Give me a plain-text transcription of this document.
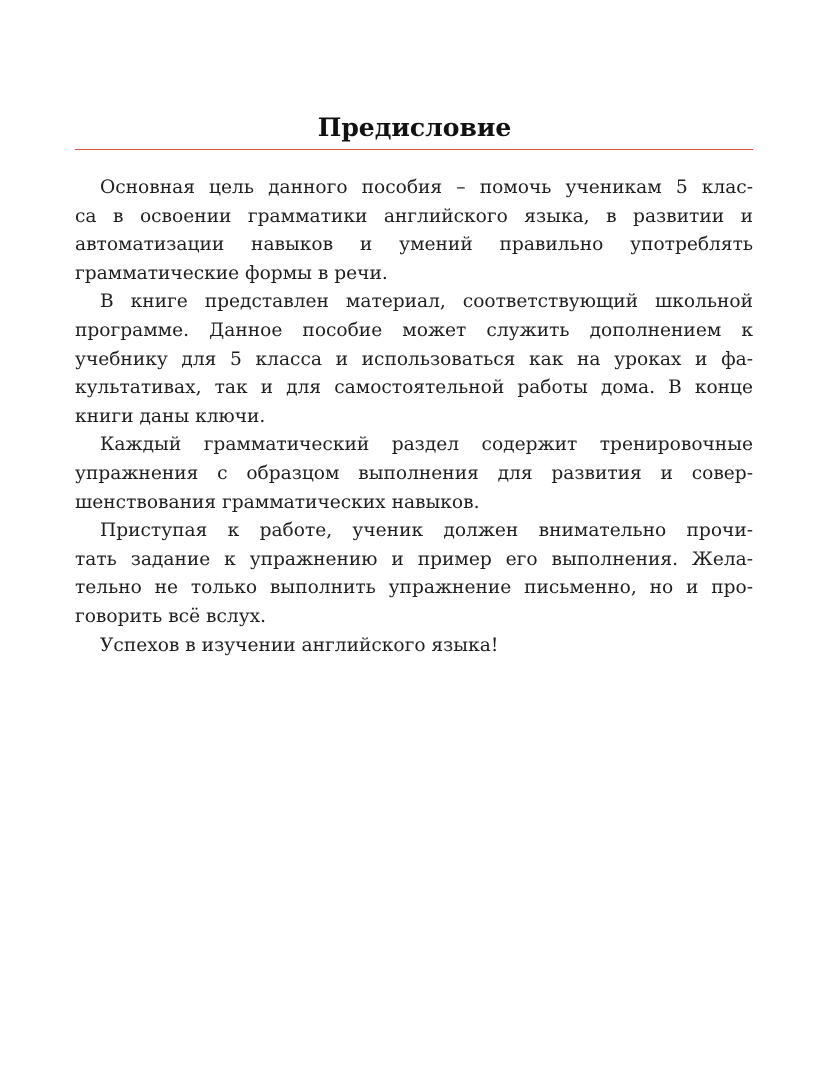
Предисловие
Основная цель данного пособия – помочь ученикам 5 клас-
са в освоении грамматики английского языка, в развитии и
автоматизации навыков и умений правильно употреблять
грамматические формы в речи.
В книге представлен материал, соответствующий школьной
программе. Данное пособие может служить дополнением к
учебнику для 5 класса и использоваться как на уроках и фа-
культативах, так и для самостоятельной работы дома. В конце
книги даны ключи.
Каждый грамматический раздел содержит тренировочные
упражнения с образцом выполнения для развития и совер-
шенствования грамматических навыков.
Приступая к работе, ученик должен внимательно прочи-
тать задание к упражнению и пример его выполнения. Жела-
тельно не только выполнить упражнение письменно, но и про-
говорить всё вслух.
Успехов в изучении английского языка!
